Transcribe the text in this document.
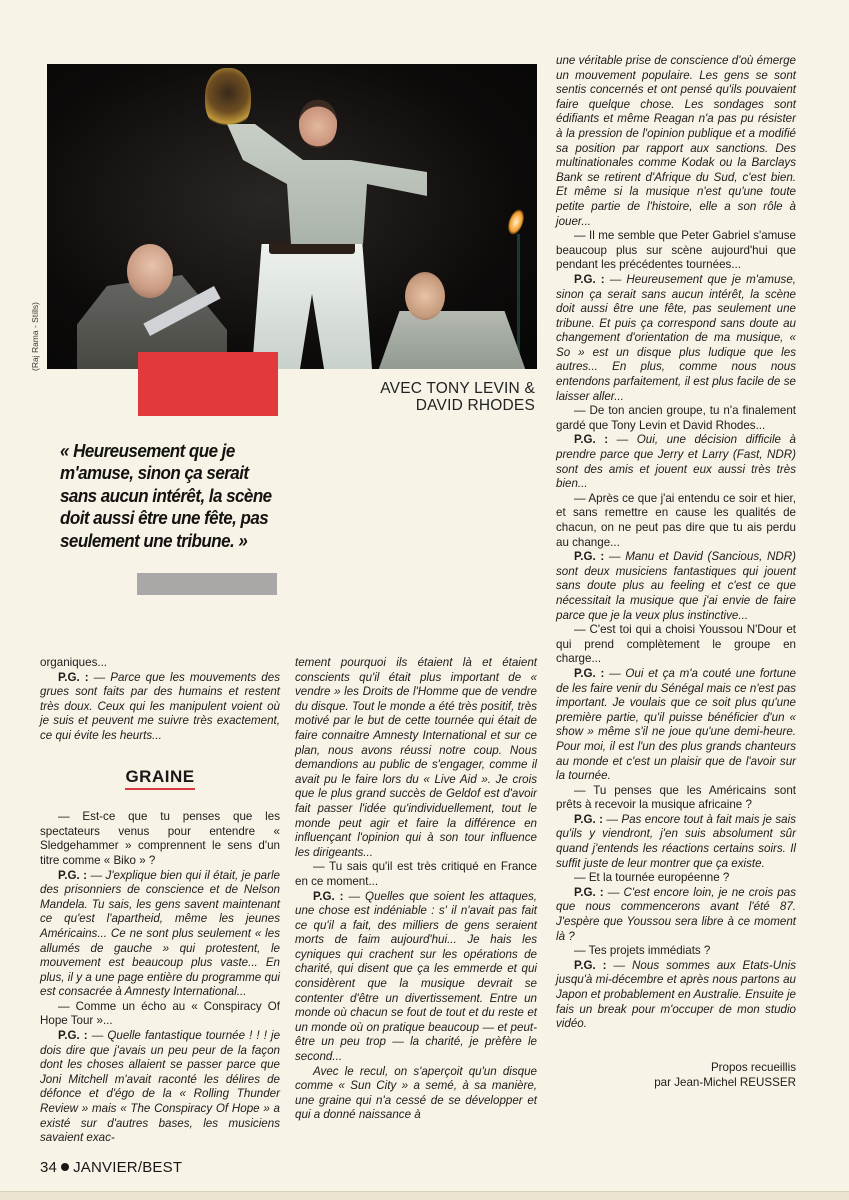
(Raj Rama - Stills)
AVEC TONY LEVIN &
DAVID RHODES
« Heureusement que je m'amuse, sinon ça serait sans aucun intérêt, la scène doit aussi être une fête, pas seulement une tribune. »

organiques...

P.G. : — Parce que les mouvements des grues sont faits par des humains et restent très doux. Ceux qui les manipulent voient où je suis et peuvent me suivre très exactement, ce qui évite les heurts...

GRAINE

— Est-ce que tu penses que les spectateurs venus pour entendre « Sledgehammer » comprennent le sens d'un titre comme « Biko » ?

P.G. : — J'explique bien qui il était, je parle des prisonniers de conscience et de Nelson Mandela. Tu sais, les gens savent maintenant ce qu'est l'apartheid, même les jeunes Américains... Ce ne sont plus seulement « les allumés de gauche » qui protestent, le mouvement est beaucoup plus vaste... En plus, il y a une page entière du programme qui est consacrée à Amnesty International...

— Comme un écho au « Conspiracy Of Hope Tour »...

P.G. : — Quelle fantastique tournée ! ! ! je dois dire que j'avais un peu peur de la façon dont les choses allaient se passer parce que Joni Mitchell m'avait raconté les délires de défonce et d'égo de la « Rolling Thunder Review » mais « The Conspiracy Of Hope » a existé sur d'autres bases, les musiciens savaient exac-

tement pourquoi ils étaient là et étaient conscients qu'il était plus important de « vendre » les Droits de l'Homme que de vendre du disque. Tout le monde a été très positif, très motivé par le but de cette tournée qui était de faire connaitre Amnesty International et sur ce plan, nous avons réussi notre coup. Nous demandions au public de s'engager, comme il avait pu le faire lors du « Live Aid ». Je crois que le plus grand succès de Geldof est d'avoir fait passer l'idée qu'individuellement, tout le monde peut agir et faire la différence en influençant l'opinion qui à son tour influence les dirigeants...

— Tu sais qu'il est très critiqué en France en ce moment...

P.G. : — Quelles que soient les attaques, une chose est indéniable : s' il n'avait pas fait ce qu'il a fait, des milliers de gens seraient morts de faim aujourd'hui... Je hais les cyniques qui crachent sur les opérations de charité, qui disent que ça les emmerde et qui considèrent que la musique devrait se contenter d'être un divertissement. Entre un monde où chacun se fout de tout et du reste et un monde où on pratique beaucoup — et peut-être un peu trop — la charité, je prèfère le second...

Avec le recul, on s'aperçoit qu'un disque comme « Sun City » a semé, à sa manière, une graine qui n'a cessé de se développer et qui a donné naissance à

une véritable prise de conscience d'où émerge un mouvement populaire. Les gens se sont sentis concernés et ont pensé qu'ils pouvaient faire quelque chose. Les sondages sont édifiants et même Reagan n'a pas pu résister à la pression de l'opinion publique et a modifié sa position par rapport aux sanctions. Des multinationales comme Kodak ou la Barclays Bank se retirent d'Afrique du Sud, c'est bien. Et même si la musique n'est qu'une toute petite partie de l'histoire, elle a son rôle à jouer...

— Il me semble que Peter Gabriel s'amuse beaucoup plus sur scène aujourd'hui que pendant les précédentes tournées...

P.G. : — Heureusement que je m'amuse, sinon ça serait sans aucun intérêt, la scène doit aussi être une fête, pas seulement une tribune. Et puis ça correspond sans doute au changement d'orientation de ma musique, « So » est un disque plus ludique que les autres... En plus, comme nous nous entendons parfaitement, il est plus facile de se laisser aller...

— De ton ancien groupe, tu n'a finalement gardé que Tony Levin et David Rhodes...

P.G. : — Oui, une décision difficile à prendre parce que Jerry et Larry (Fast, NDR) sont des amis et jouent eux aussi très très bien...

— Après ce que j'ai entendu ce soir et hier, et sans remettre en cause les qualités de chacun, on ne peut pas dire que tu ais perdu au change...

P.G. : — Manu et David (Sancious, NDR) sont deux musiciens fantastiques qui jouent sans doute plus au feeling et c'est ce que nécessitait la musique que j'ai envie de faire parce que je la veux plus instinctive...

— C'est toi qui a choisi Youssou N'Dour et qui prend complètement le groupe en charge...

P.G. : — Oui et ça m'a couté une fortune de les faire venir du Sénégal mais ce n'est pas important. Je voulais que ce soit plus qu'une première partie, qu'il puisse bénéficier d'un « show » même s'il ne joue qu'une demi-heure. Pour moi, il est l'un des plus grands chanteurs au monde et c'est un plaisir que de l'avoir sur la tournée.

— Tu penses que les Américains sont prêts à recevoir la musique africaine ?

P.G. : — Pas encore tout à fait mais je sais qu'ils y viendront, j'en suis absolument sûr quand j'entends les réactions certains soirs. Il suffit juste de leur montrer que ça existe.

— Et la tournée européenne ?

P.G. : — C'est encore loin, je ne crois pas que nous commencerons avant l'été 87. J'espère que Youssou sera libre à ce moment là ?

— Tes projets immédiats ?

P.G. : — Nous sommes aux Etats-Unis jusqu'à mi-décembre et après nous partons au Japon et probablement en Australie. Ensuite je fais un break pour m'occuper de mon studio vidéo.

Propos recueillis
par Jean-Michel REUSSER
34 JANVIER/BEST
